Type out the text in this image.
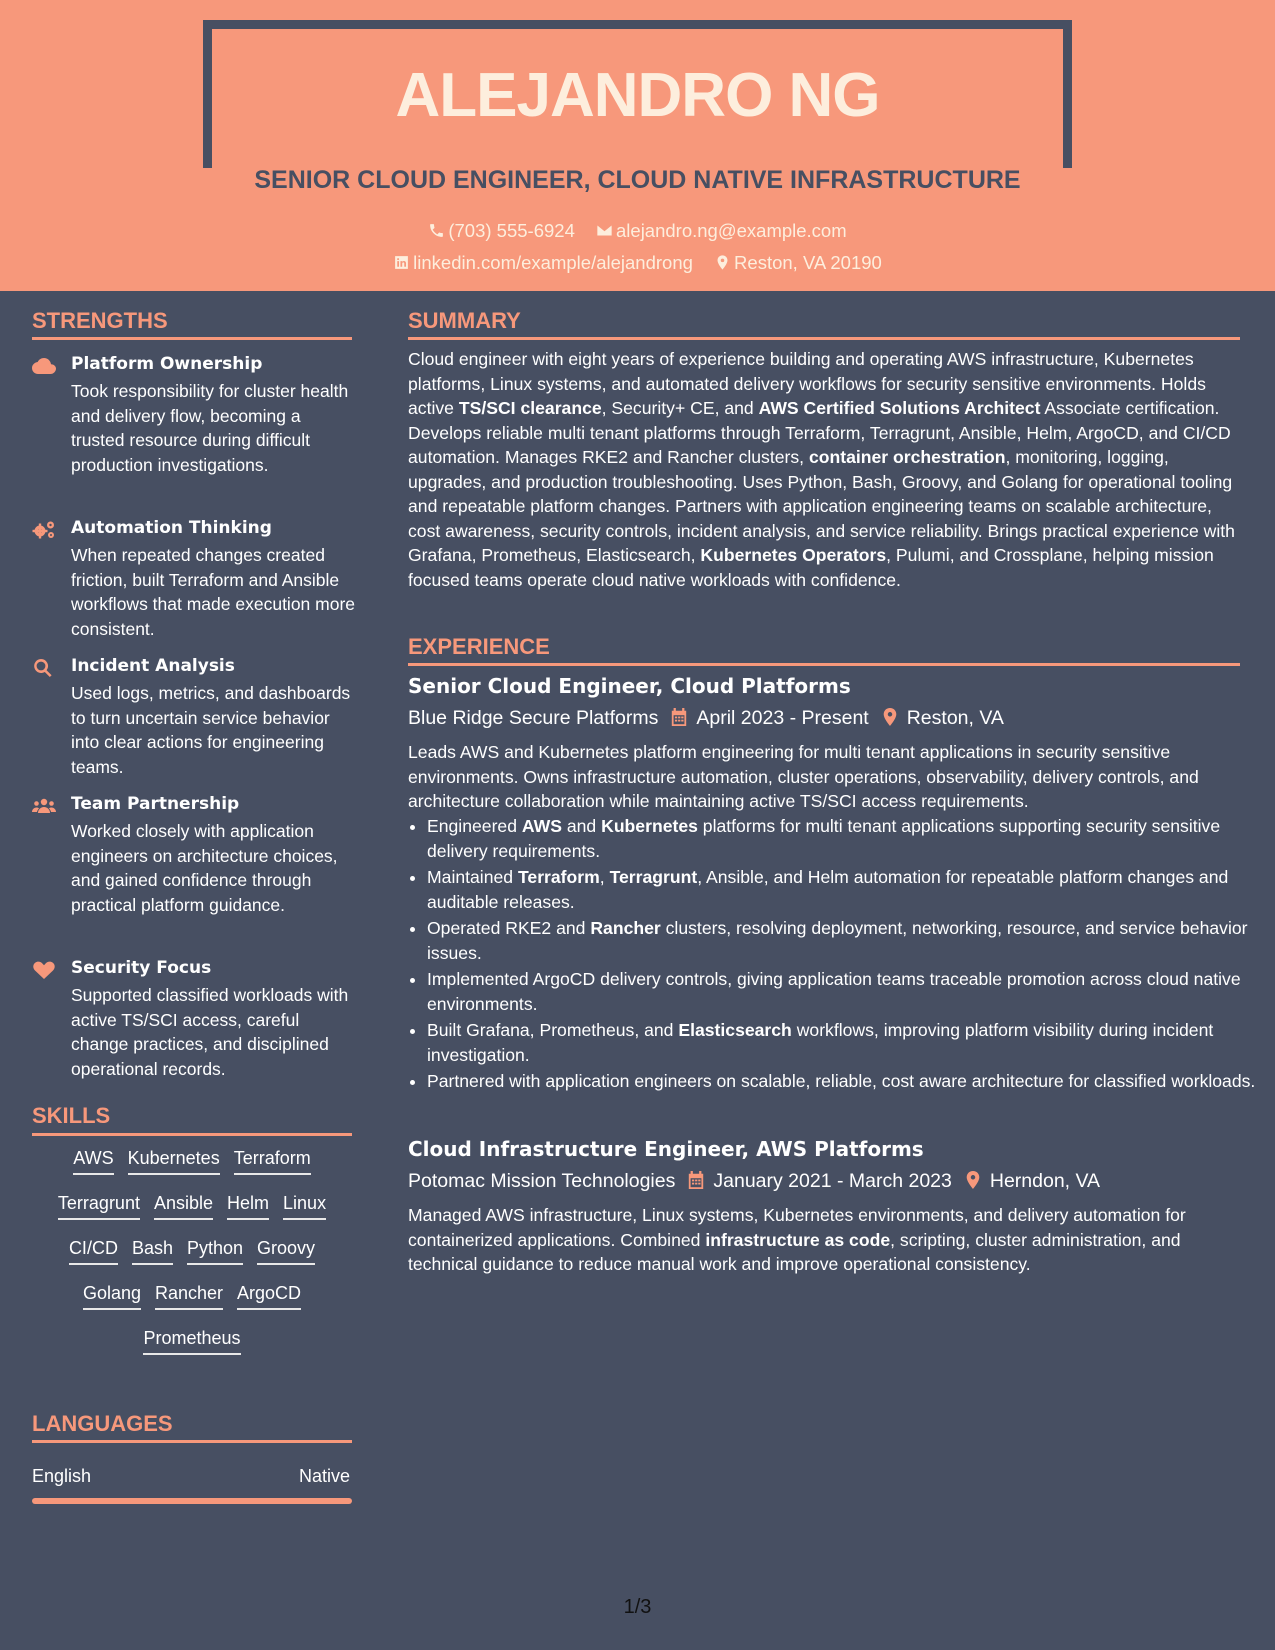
ALEJANDRO NG
SENIOR CLOUD ENGINEER, CLOUD NATIVE INFRASTRUCTURE
(703) 555-6924 alejandro.ng@example.com
linkedin.com/example/alejandrong Reston, VA 20190
STRENGTHS
Platform Ownership
Took responsibility for cluster health and delivery flow, becoming a trusted resource during difficult production investigations.
Automation Thinking
When repeated changes created friction, built Terraform and Ansible workflows that made execution more consistent.
Incident Analysis
Used logs, metrics, and dashboards to turn uncertain service behavior into clear actions for engineering teams.
Team Partnership
Worked closely with application engineers on architecture choices, and gained confidence through practical platform guidance.
Security Focus
Supported classified workloads with active TS/SCI access, careful change practices, and disciplined operational records.
SKILLS
AWS Kubernetes Terraform
Terragrunt Ansible Helm Linux
CI/CD Bash Python Groovy
Golang Rancher ArgoCD
Prometheus
LANGUAGES
English	Native
SUMMARY
Cloud engineer with eight years of experience building and operating AWS infrastructure, Kubernetes platforms, Linux systems, and automated delivery workflows for security sensitive environments. Holds active TS/SCI clearance, Security+ CE, and AWS Certified Solutions Architect Associate certification. Develops reliable multi tenant platforms through Terraform, Terragrunt, Ansible, Helm, ArgoCD, and CI/CD automation. Manages RKE2 and Rancher clusters, container orchestration, monitoring, logging, upgrades, and production troubleshooting. Uses Python, Bash, Groovy, and Golang for operational tooling and repeatable platform changes. Partners with application engineering teams on scalable architecture, cost awareness, security controls, incident analysis, and service reliability. Brings practical experience with Grafana, Prometheus, Elasticsearch, Kubernetes Operators, Pulumi, and Crossplane, helping mission focused teams operate cloud native workloads with confidence.
EXPERIENCE
Senior Cloud Engineer, Cloud Platforms
Blue Ridge Secure Platforms April 2023 - Present Reston, VA
Leads AWS and Kubernetes platform engineering for multi tenant applications in security sensitive environments. Owns infrastructure automation, cluster operations, observability, delivery controls, and architecture collaboration while maintaining active TS/SCI access requirements.
• Engineered AWS and Kubernetes platforms for multi tenant applications supporting security sensitive delivery requirements.
• Maintained Terraform, Terragrunt, Ansible, and Helm automation for repeatable platform changes and auditable releases.
• Operated RKE2 and Rancher clusters, resolving deployment, networking, resource, and service behavior issues.
• Implemented ArgoCD delivery controls, giving application teams traceable promotion across cloud native environments.
• Built Grafana, Prometheus, and Elasticsearch workflows, improving platform visibility during incident investigation.
• Partnered with application engineers on scalable, reliable, cost aware architecture for classified workloads.
Cloud Infrastructure Engineer, AWS Platforms
Potomac Mission Technologies January 2021 - March 2023 Herndon, VA
Managed AWS infrastructure, Linux systems, Kubernetes environments, and delivery automation for containerized applications. Combined infrastructure as code, scripting, cluster administration, and technical guidance to reduce manual work and improve operational consistency.
1/3
